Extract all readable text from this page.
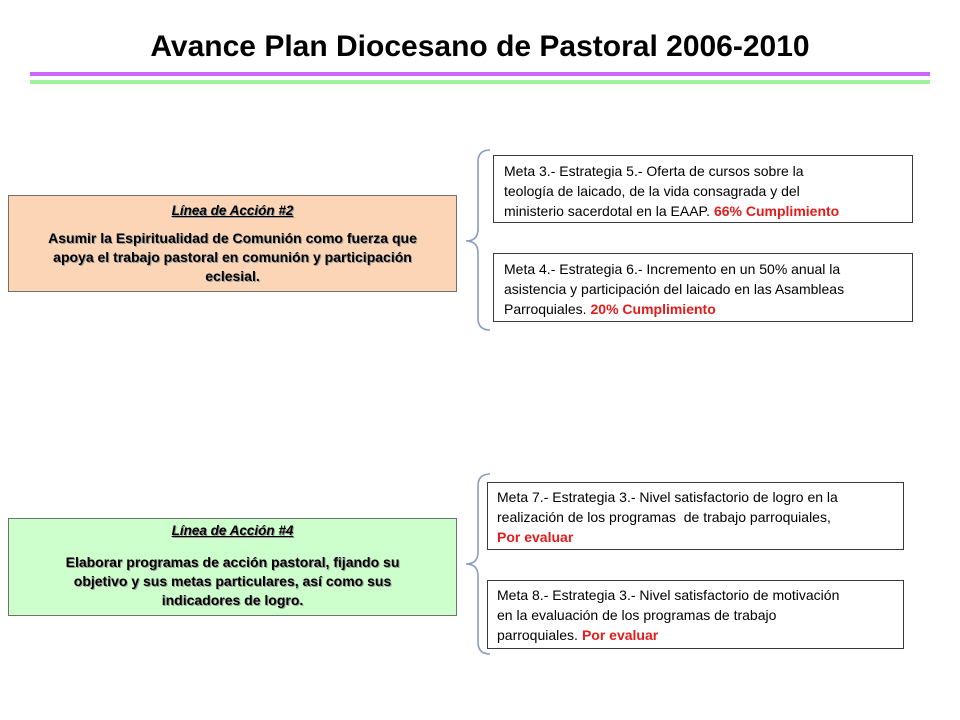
Avance Plan Diocesano de Pastoral 2006-2010
Línea de Acción #2
Asumir la Espiritualidad de Comunión como fuerza que
apoya el trabajo pastoral en comunión y participación
eclesial.
Línea de Acción #4
Elaborar programas de acción pastoral, fijando su
objetivo y sus metas particulares, así como sus
indicadores de logro.
Meta 3.- Estrategia 5.- Oferta de cursos sobre la
teología de laicado, de la vida consagrada y del
ministerio sacerdotal en la EAAP. 66% Cumplimiento
Meta 4.- Estrategia 6.- Incremento en un 50% anual la
asistencia y participación del laicado en las Asambleas
Parroquiales. 20% Cumplimiento
Meta 7.- Estrategia 3.- Nivel satisfactorio de logro en la
realización de los programas  de trabajo parroquiales,
Por evaluar
Meta 8.- Estrategia 3.- Nivel satisfactorio de motivación
en la evaluación de los programas de trabajo
parroquiales. Por evaluar
